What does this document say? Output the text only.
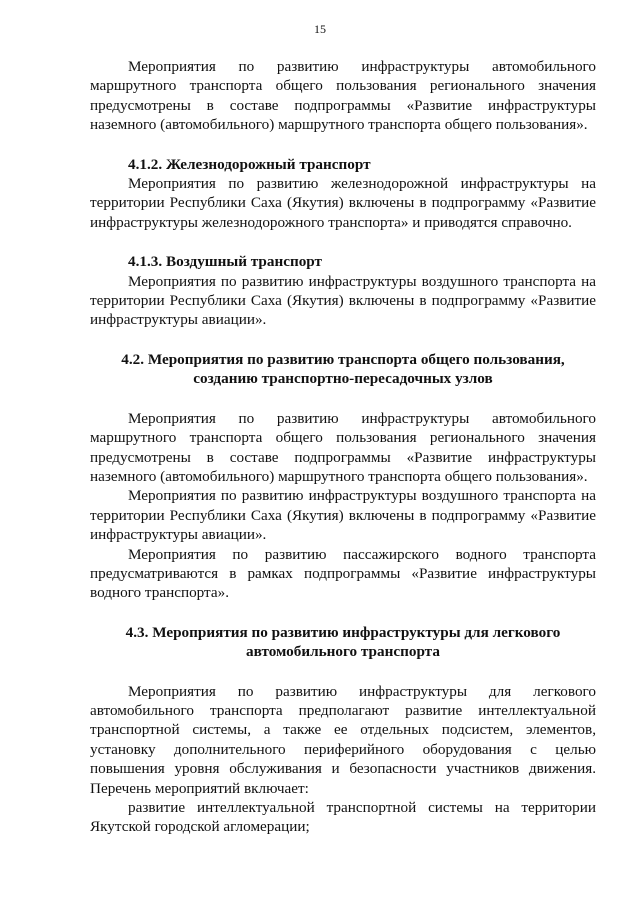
15

Мероприятия по развитию инфраструктуры автомобильного маршрутного транспорта общего пользования регионального значения предусмотрены в составе подпрограммы «Развитие инфраструктуры наземного (автомобильного) маршрутного транспорта общего пользования».

4.1.2. Железнодорожный транспорт

Мероприятия по развитию железнодорожной инфраструктуры на территории Республики Саха (Якутия) включены в подпрограмму «Развитие инфраструктуры железнодорожного транспорта» и приводятся справочно.

4.1.3. Воздушный транспорт

Мероприятия по развитию инфраструктуры воздушного транспорта на территории Республики Саха (Якутия) включены в подпрограмму «Развитие инфраструктуры авиации».

4.2. Мероприятия по развитию транспорта общего пользования,
созданию транспортно-пересадочных узлов

Мероприятия по развитию инфраструктуры автомобильного маршрутного транспорта общего пользования регионального значения предусмотрены в составе подпрограммы «Развитие инфраструктуры наземного (автомобильного) маршрутного транспорта общего пользования».

Мероприятия по развитию инфраструктуры воздушного транспорта на территории Республики Саха (Якутия) включены в подпрограмму «Развитие инфраструктуры авиации».

Мероприятия по развитию пассажирского водного транспорта предусматриваются в рамках подпрограммы «Развитие инфраструктуры водного транспорта».

4.3. Мероприятия по развитию инфраструктуры для легкового
автомобильного транспорта

Мероприятия по развитию инфраструктуры для легкового автомобильного транспорта предполагают развитие интеллектуальной транспортной системы, а также ее отдельных подсистем, элементов, установку дополнительного периферийного оборудования с целью повышения уровня обслуживания и безопасности участников движения. Перечень мероприятий включает:

развитие интеллектуальной транспортной системы на территории Якутской городской агломерации;
